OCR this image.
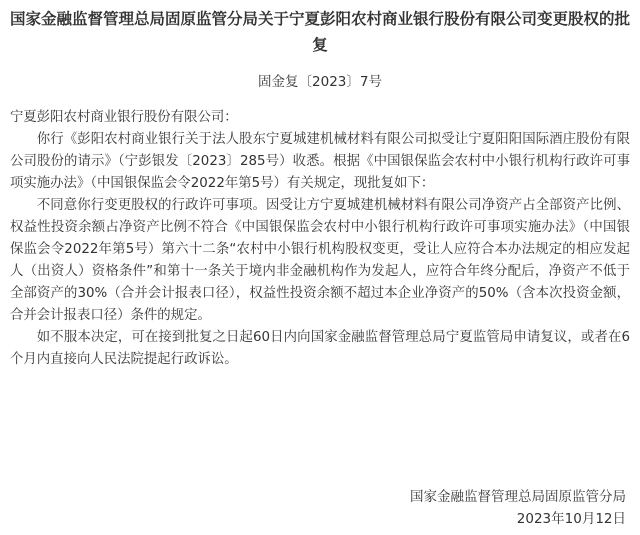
国家金融监督管理总局固原监管分局关于宁夏彭阳农村商业银行股份有限公司变更股权的批复
固金复〔2023〕7号

宁夏彭阳农村商业银行股份有限公司：

你行《彭阳农村商业银行关于法人股东宁夏城建机械材料有限公司拟受让宁夏阳阳国际酒庄股份有限公司股份的请示》（宁彭银发〔2023〕285号）收悉。根据《中国银保监会农村中小银行机构行政许可事项实施办法》（中国银保监会令2022年第5号）有关规定，现批复如下：

不同意你行变更股权的行政许可事项。因受让方宁夏城建机械材料有限公司净资产占全部资产比例、权益性投资余额占净资产比例不符合《中国银保监会农村中小银行机构行政许可事项实施办法》（中国银保监会令2022年第5号）第六十二条“农村中小银行机构股权变更，受让人应符合本办法规定的相应发起人（出资人）资格条件”和第十一条关于境内非金融机构作为发起人，应符合年终分配后，净资产不低于全部资产的30%（合并会计报表口径），权益性投资余额不超过本企业净资产的50%（含本次投资金额，合并会计报表口径）条件的规定。

如不服本决定，可在接到批复之日起60日内向国家金融监督管理总局宁夏监管局申请复议，或者在6个月内直接向人民法院提起行政诉讼。

国家金融监督管理总局固原监管分局
2023年10月12日
